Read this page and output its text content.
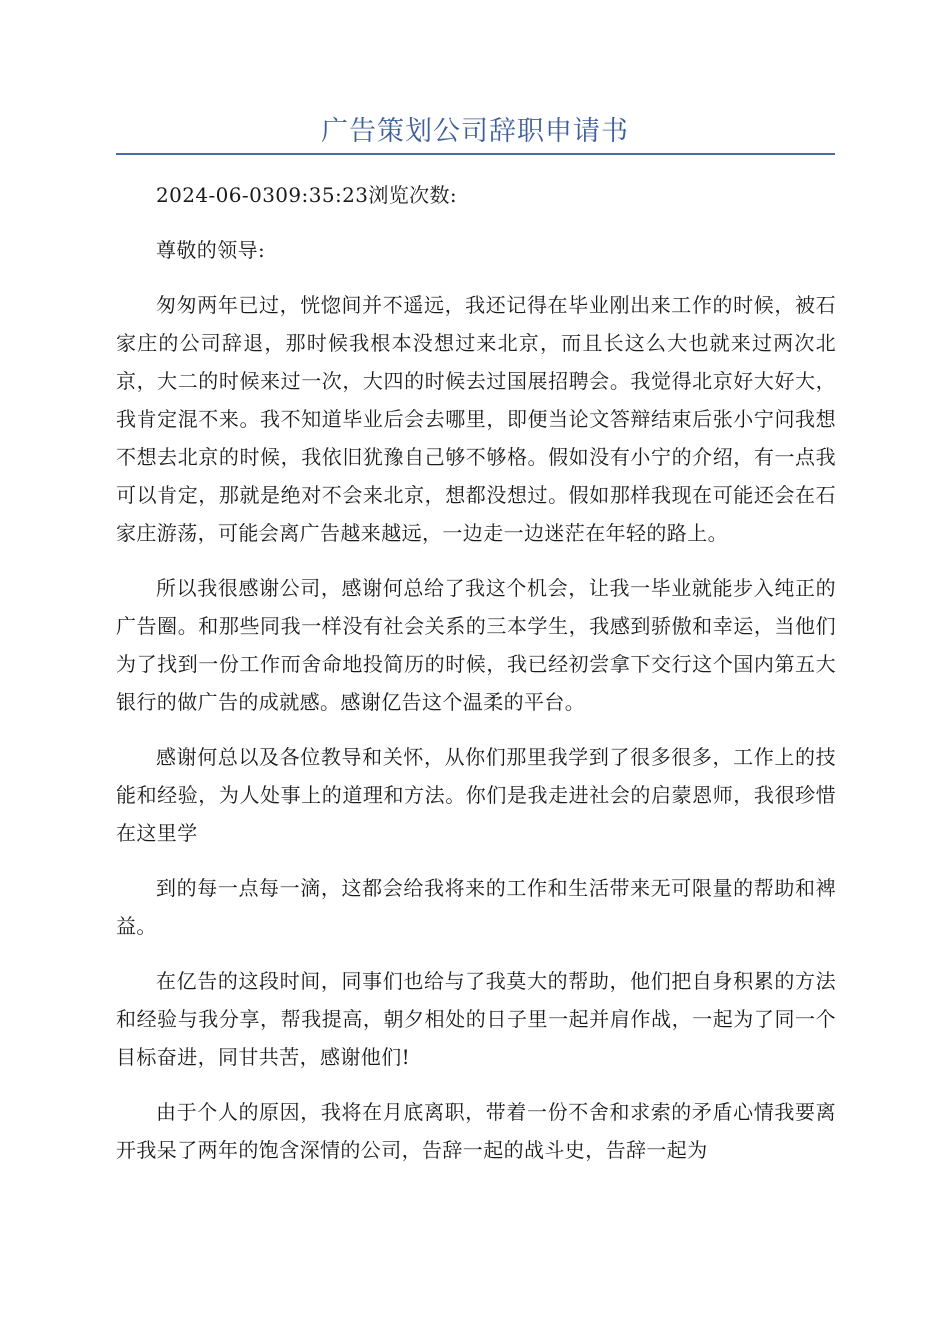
广告策划公司辞职申请书

2024-06-0309:35:23浏览次数:

尊敬的领导:

匆匆两年已过，恍惚间并不遥远，我还记得在毕业刚出来工作的时候，被石家庄的公司辞退，那时候我根本没想过来北京，而且长这么大也就来过两次北京，大二的时候来过一次，大四的时候去过国展招聘会。我觉得北京好大好大，我肯定混不来。我不知道毕业后会去哪里，即便当论文答辩结束后张小宁问我想不想去北京的时候，我依旧犹豫自己够不够格。假如没有小宁的介绍，有一点我可以肯定，那就是绝对不会来北京，想都没想过。假如那样我现在可能还会在石家庄游荡，可能会离广告越来越远，一边走一边迷茫在年轻的路上。

所以我很感谢公司，感谢何总给了我这个机会，让我一毕业就能步入纯正的广告圈。和那些同我一样没有社会关系的三本学生，我感到骄傲和幸运，当他们为了找到一份工作而舍命地投简历的时候，我已经初尝拿下交行这个国内第五大银行的做广告的成就感。感谢亿告这个温柔的平台。

感谢何总以及各位教导和关怀，从你们那里我学到了很多很多，工作上的技能和经验，为人处事上的道理和方法。你们是我走进社会的启蒙恩师，我很珍惜在这里学

到的每一点每一滴，这都会给我将来的工作和生活带来无可限量的帮助和裨益。

在亿告的这段时间，同事们也给与了我莫大的帮助，他们把自身积累的方法和经验与我分享，帮我提高，朝夕相处的日子里一起并肩作战，一起为了同一个目标奋进，同甘共苦，感谢他们!

由于个人的原因，我将在月底离职，带着一份不舍和求索的矛盾心情我要离开我呆了两年的饱含深情的公司，告辞一起的战斗史，告辞一起为
